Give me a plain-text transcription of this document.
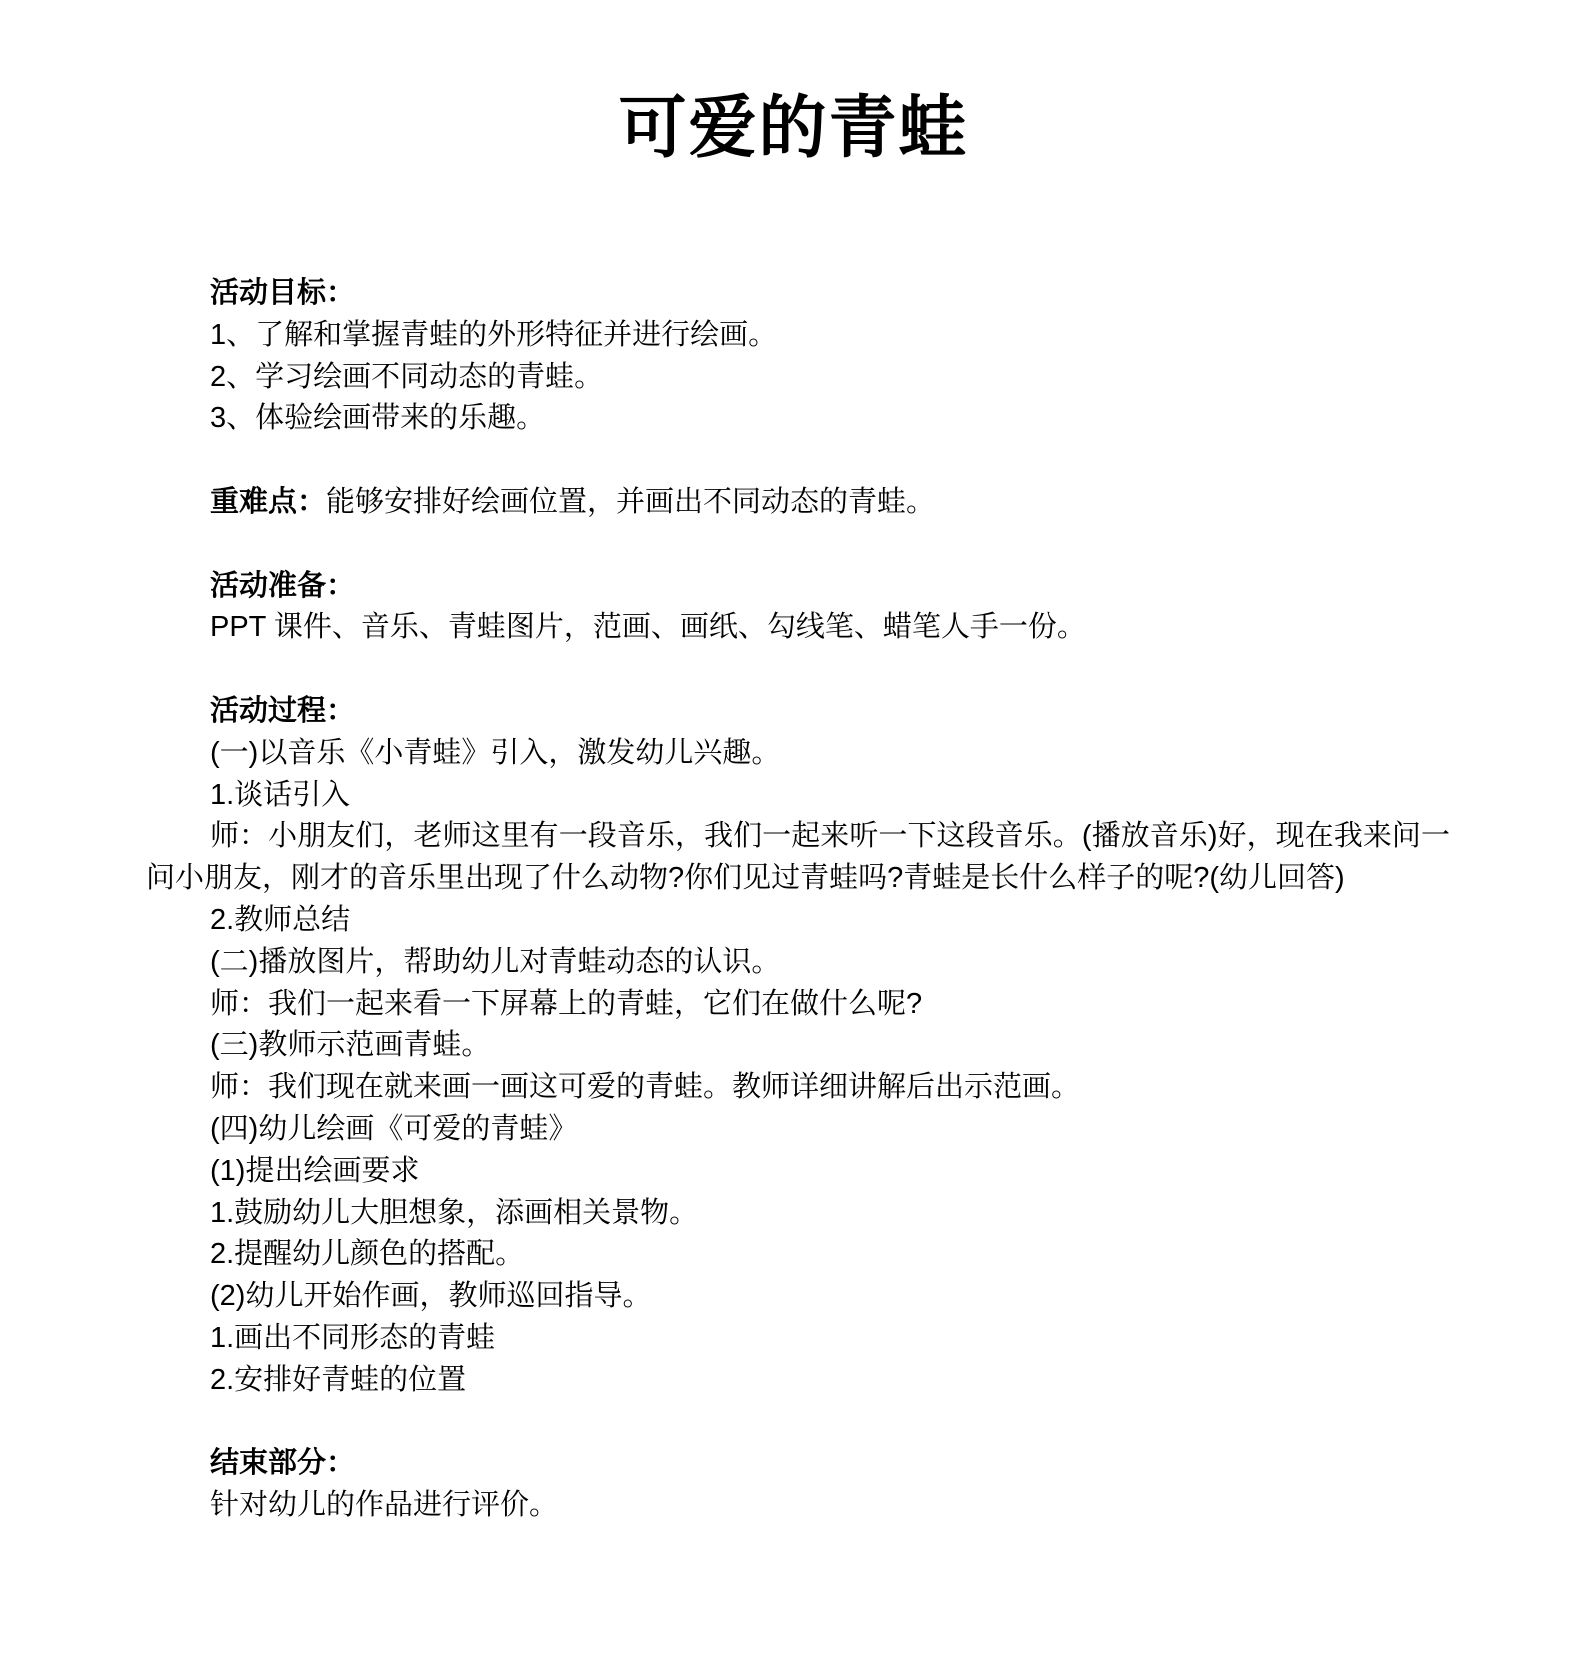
可爱的青蛙
活动目标：
1、了解和掌握青蛙的外形特征并进行绘画。
2、学习绘画不同动态的青蛙。
3、体验绘画带来的乐趣。
重难点：能够安排好绘画位置，并画出不同动态的青蛙。
活动准备：
PPT 课件、音乐、青蛙图片，范画、画纸、勾线笔、蜡笔人手一份。
活动过程：
(一)以音乐《小青蛙》引入，激发幼儿兴趣。
1.谈话引入
师：小朋友们，老师这里有一段音乐，我们一起来听一下这段音乐。(播放音乐)好，现在我来问一问小朋友，刚才的音乐里出现了什么动物?你们见过青蛙吗?青蛙是长什么样子的呢?(幼儿回答)
2.教师总结
(二)播放图片，帮助幼儿对青蛙动态的认识。
师：我们一起来看一下屏幕上的青蛙，它们在做什么呢?
(三)教师示范画青蛙。
师：我们现在就来画一画这可爱的青蛙。教师详细讲解后出示范画。
(四)幼儿绘画《可爱的青蛙》
(1)提出绘画要求
1.鼓励幼儿大胆想象，添画相关景物。
2.提醒幼儿颜色的搭配。
(2)幼儿开始作画，教师巡回指导。
1.画出不同形态的青蛙
2.安排好青蛙的位置
结束部分：
针对幼儿的作品进行评价。
